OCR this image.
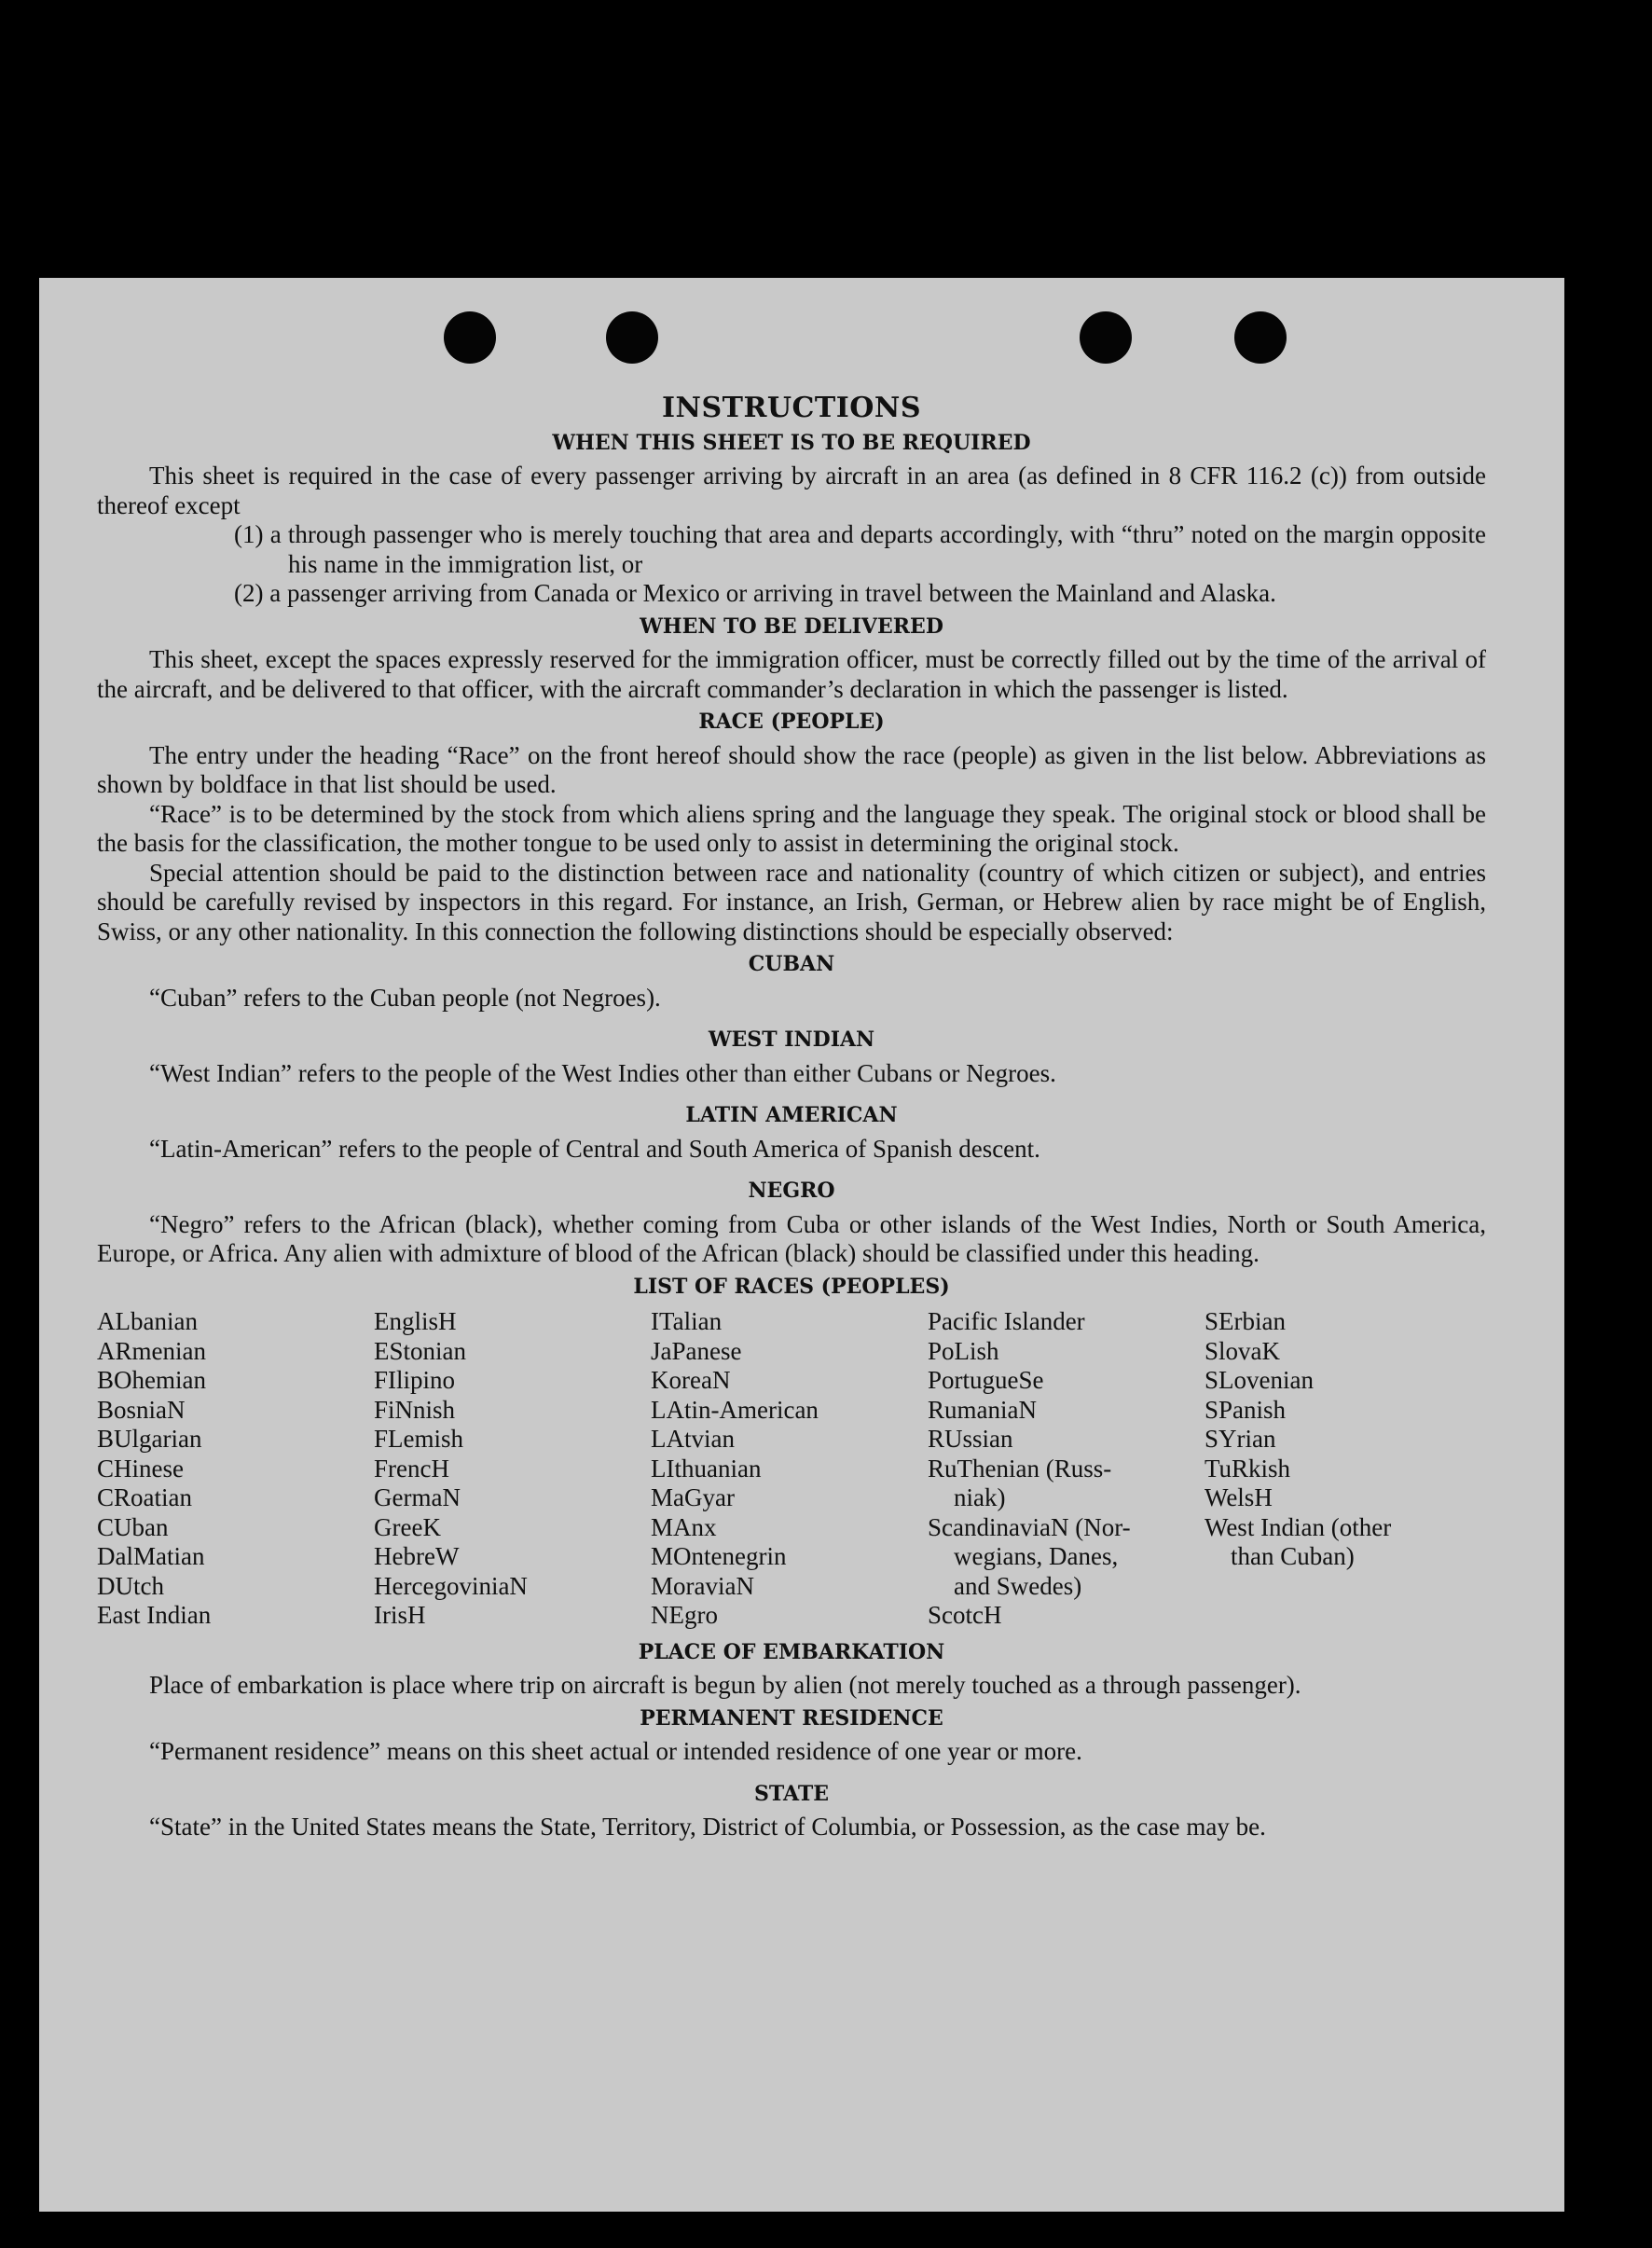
INSTRUCTIONS
WHEN THIS SHEET IS TO BE REQUIRED

This sheet is required in the case of every passenger arriving by aircraft in an area (as defined in 8 CFR 116.2 (c)) from outside thereof except

(1) a through passenger who is merely touching that area and departs accordingly, with “thru” noted on the margin opposite his name in the immigration list, or

(2) a passenger arriving from Canada or Mexico or arriving in travel between the Mainland and Alaska.

WHEN TO BE DELIVERED

This sheet, except the spaces expressly reserved for the immigration officer, must be correctly filled out by the time of the arrival of the aircraft, and be delivered to that officer, with the aircraft commander’s declaration in which the passenger is listed.

RACE (PEOPLE)

The entry under the heading “Race” on the front hereof should show the race (people) as given in the list below. Abbreviations as shown by boldface in that list should be used.

“Race” is to be determined by the stock from which aliens spring and the language they speak. The original stock or blood shall be the basis for the classification, the mother tongue to be used only to assist in determining the original stock.

Special attention should be paid to the distinction between race and nationality (country of which citizen or subject), and entries should be carefully revised by inspectors in this regard. For instance, an Irish, German, or Hebrew alien by race might be of English, Swiss, or any other nationality. In this connection the following distinctions should be especially observed:

CUBAN

“Cuban” refers to the Cuban people (not Negroes).

WEST INDIAN

“West Indian” refers to the people of the West Indies other than either Cubans or Negroes.

LATIN AMERICAN

“Latin-American” refers to the people of Central and South America of Spanish descent.

NEGRO

“Negro” refers to the African (black), whether coming from Cuba or other islands of the West Indies, North or South America, Europe, or Africa. Any alien with admixture of blood of the African (black) should be classified under this heading.

LIST OF RACES (PEOPLES)
ALbanian
ARmenian
BOhemian
BosniaN
BUlgarian
CHinese
CRoatian
CUban
DalMatian
DUtch
East Indian
EnglisH
EStonian
FIlipino
FiNnish
FLemish
FrencH
GermaN
GreeK
HebreW
HercegoviniaN
IrisH
ITalian
JaPanese
KoreaN
LAtin-American
LAtvian
LIthuanian
MaGyar
MAnx
MOntenegrin
MoraviaN
NEgro
Pacific Islander
PoLish
PortugueSe
RumaniaN
RUssian
RuThenian (Russ-
niak)
ScandinaviaN (Nor-
wegians, Danes,
and Swedes)
ScotcH
SErbian
SlovaK
SLovenian
SPanish
SYrian
TuRkish
WelsH
West Indian (other
than Cuban)
PLACE OF EMBARKATION

Place of embarkation is place where trip on aircraft is begun by alien (not merely touched as a through passenger).

PERMANENT RESIDENCE

“Permanent residence” means on this sheet actual or intended residence of one year or more.

STATE

“State” in the United States means the State, Territory, District of Columbia, or Possession, as the case may be.
